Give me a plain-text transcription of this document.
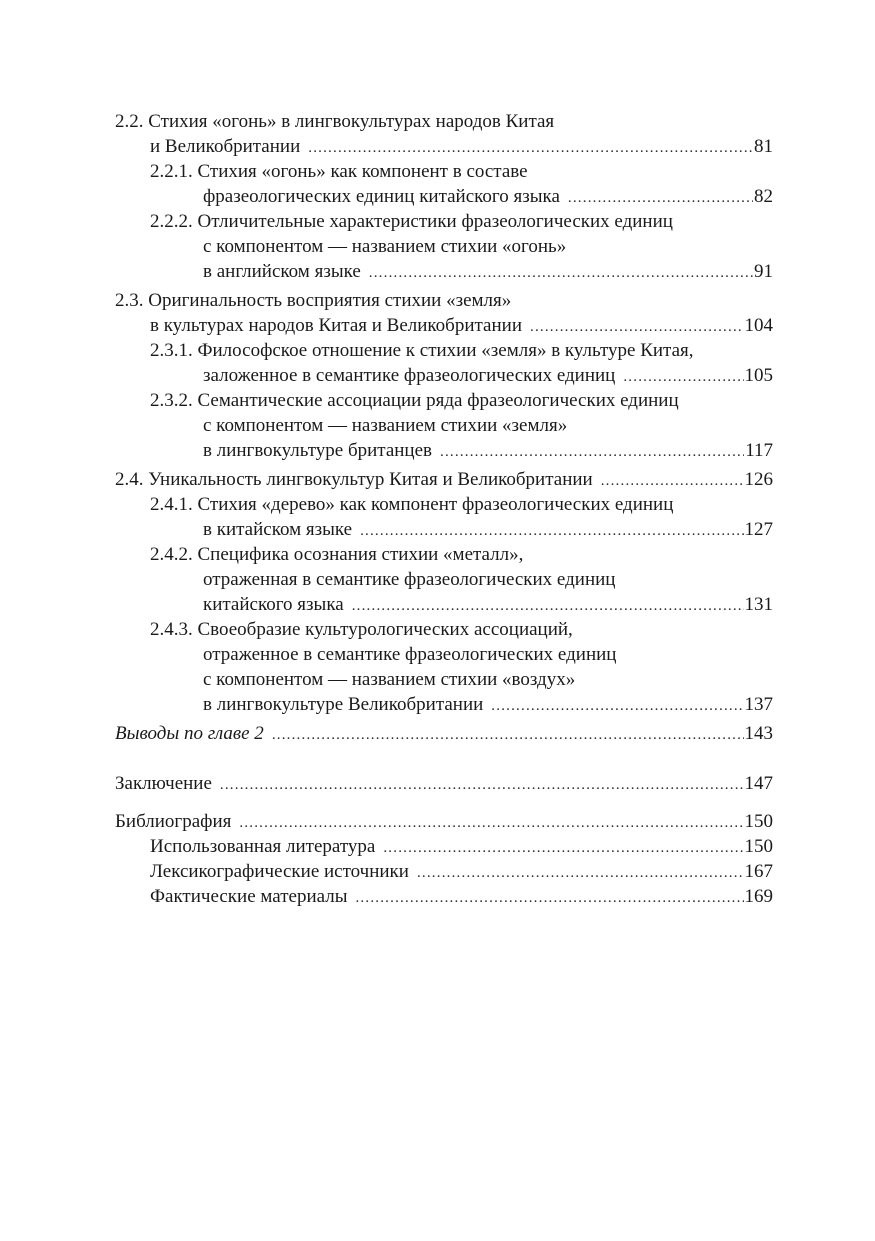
2.2. Стихия «огонь» в лингвокультурах народов Китая
и Великобритании .....	81
2.2.1. Стихия «огонь» как компонент в составе
фразеологических единиц китайского языка .....	82
2.2.2. Отличительные характеристики фразеологических единиц
с компонентом — названием стихии «огонь»
в английском языке .....	91
2.3. Оригинальность восприятия стихии «земля»
в культурах народов Китая и Великобритании .....	104
2.3.1. Философское отношение к стихии «земля» в культуре Китая,
заложенное в семантике фразеологических единиц .....	105
2.3.2. Семантические ассоциации ряда фразеологических единиц
с компонентом — названием стихии «земля»
в лингвокультуре британцев .....	117
2.4. Уникальность лингвокультур Китая и Великобритании .....	126
2.4.1. Стихия «дерево» как компонент фразеологических единиц
в китайском языке .....	127
2.4.2. Специфика осознания стихии «металл»,
отраженная в семантике фразеологических единиц
китайского языка .....	131
2.4.3. Своеобразие культурологических ассоциаций,
отраженное в семантике фразеологических единиц
с компонентом — названием стихии «воздух»
в лингвокультуре Великобритании .....	137
Выводы по главе 2 .....	143
Заключение .....	147
Библиография .....	150
Использованная литература .....	150
Лексикографические источники .....	167
Фактические материалы .....	169
